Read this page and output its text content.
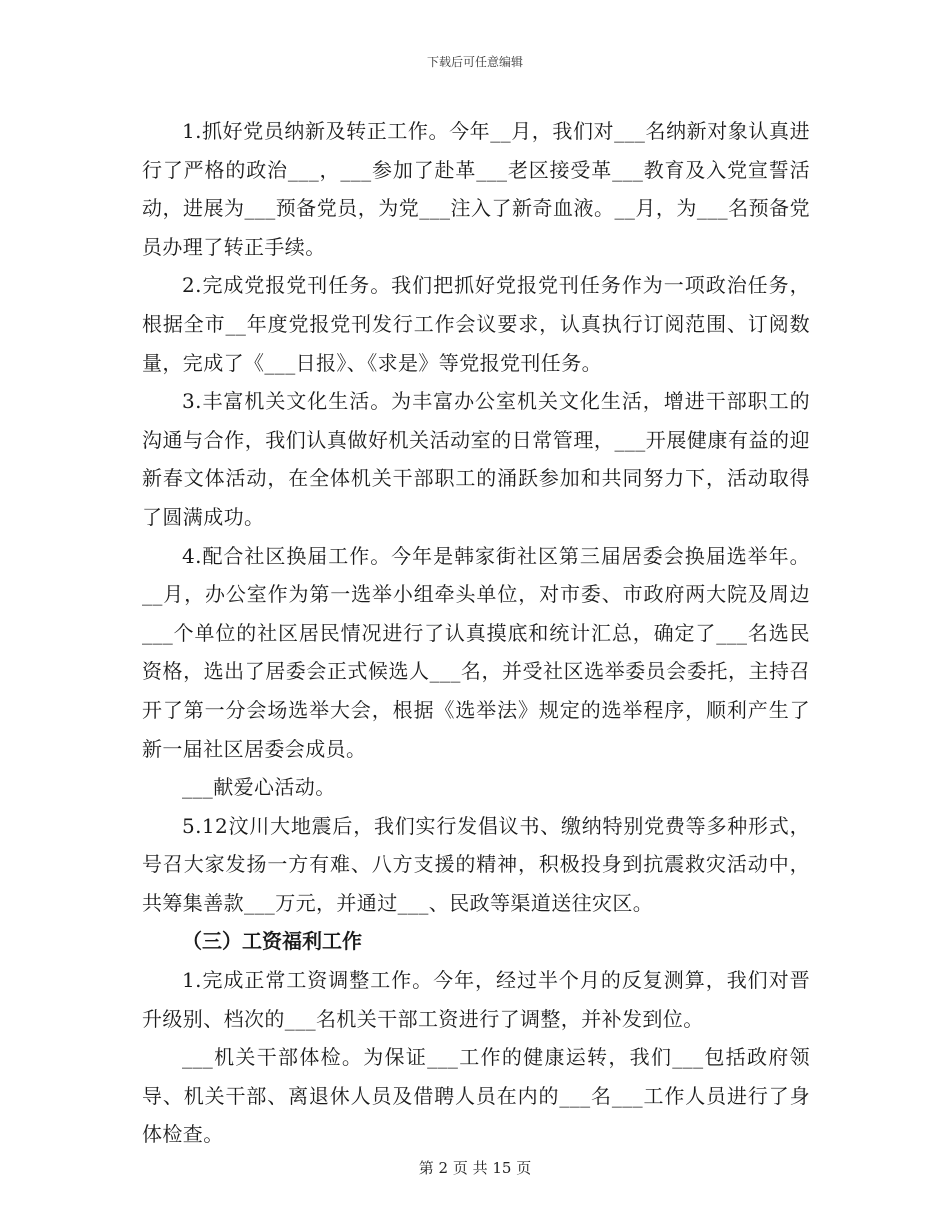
下载后可任意编辑

1.抓好党员纳新及转正工作。今年__月，我们对___名纳新对象认真进行了严格的政治___，___参加了赴革___老区接受革___教育及入党宣誓活动，进展为___预备党员，为党___注入了新奇血液。__月，为___名预备党员办理了转正手续。

2.完成党报党刊任务。我们把抓好党报党刊任务作为一项政治任务，根据全市__年度党报党刊发行工作会议要求，认真执行订阅范围、订阅数量，完成了《___日报》、《求是》等党报党刊任务。

3.丰富机关文化生活。为丰富办公室机关文化生活，增进干部职工的沟通与合作，我们认真做好机关活动室的日常管理，___开展健康有益的迎新春文体活动，在全体机关干部职工的涌跃参加和共同努力下，活动取得了圆满成功。

4.配合社区换届工作。今年是韩家街社区第三届居委会换届选举年。__月，办公室作为第一选举小组牵头单位，对市委、市政府两大院及周边___个单位的社区居民情况进行了认真摸底和统计汇总，确定了___名选民资格，选出了居委会正式候选人___名，并受社区选举委员会委托，主持召开了第一分会场选举大会，根据《选举法》规定的选举程序，顺利产生了新一届社区居委会成员。

___献爱心活动。

5.12汶川大地震后，我们实行发倡议书、缴纳特别党费等多种形式，号召大家发扬一方有难、八方支援的精神，积极投身到抗震救灾活动中，共筹集善款___万元，并通过___、民政等渠道送往灾区。

（三）工资福利工作

1.完成正常工资调整工作。今年，经过半个月的反复测算，我们对晋升级别、档次的___名机关干部工资进行了调整，并补发到位。

___机关干部体检。为保证___工作的健康运转，我们___包括政府领导、机关干部、离退休人员及借聘人员在内的___名___工作人员进行了身体检查。

第 2 页 共 15 页
